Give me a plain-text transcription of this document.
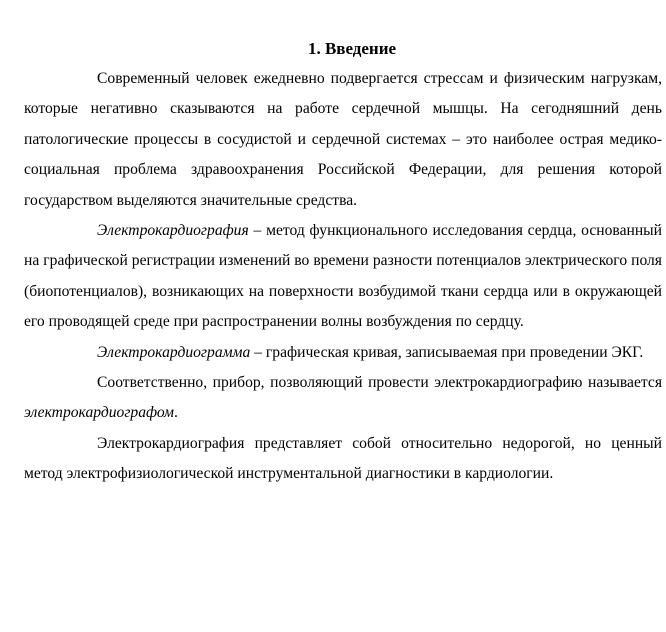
1. Введение

Современный человек ежедневно подвергается стрессам и физическим нагрузкам, которые негативно сказываются на работе сердечной мышцы. На сегодняшний день патологические процессы в сосудистой и сердечной системах – это наиболее острая медико-социальная проблема здравоохранения Российской Федерации, для решения которой государством выделяются значительные средства.

Электрокардиография – метод функционального исследования сердца, основанный на графической регистрации изменений во времени разности потенциалов электрического поля (биопотенциалов), возникающих на поверхности возбудимой ткани сердца или в окружающей его проводящей среде при распространении волны возбуждения по сердцу.

Электрокардиограмма – графическая кривая, записываемая при проведении ЭКГ.

Соответственно, прибор, позволяющий провести электрокардиографию называется электрокардиографом.

Электрокардиография представляет собой относительно недорогой, но ценный метод электрофизиологической инструментальной диагностики в кардиологии.
